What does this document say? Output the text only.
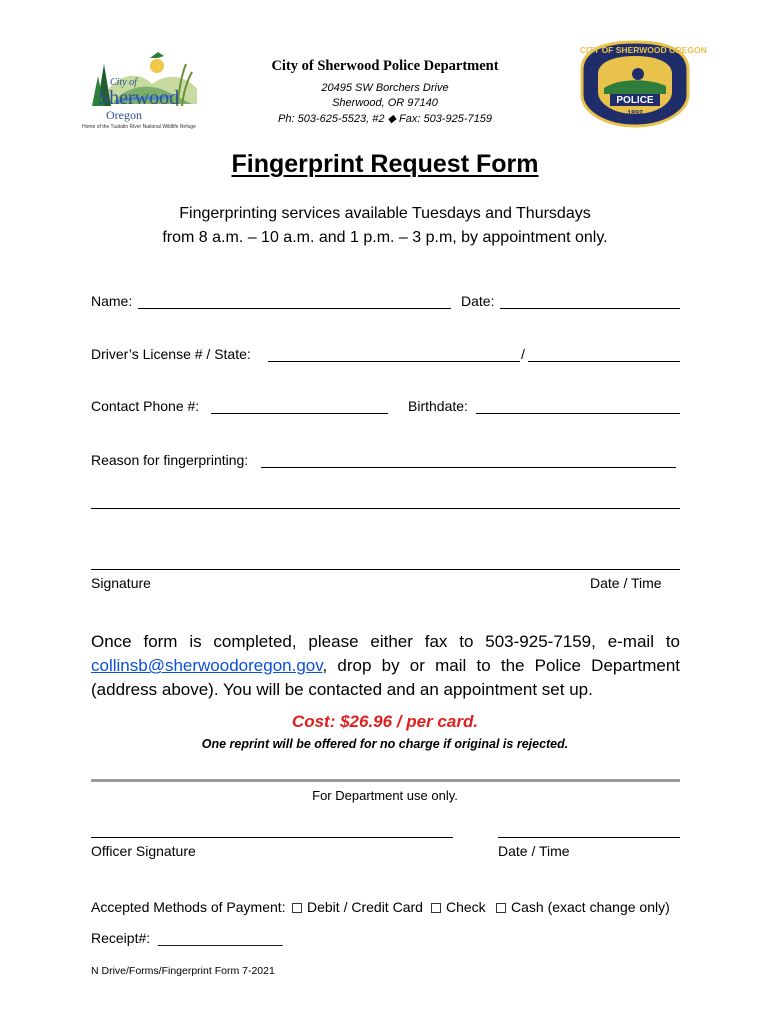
City of
Sherwood
Oregon
Home of the Tualatin River National Wildlife Refuge
City of Sherwood Police Department
20495 SW Borchers Drive
Sherwood, OR 97140
Ph: 503-625-5523, #2 ◆ Fax: 503-925-7159
CITY OF SHERWOOD OREGON
POLICE
1892
Fingerprint Request Form
Fingerprinting services available Tuesdays and Thursdays
from 8 a.m. – 10 a.m. and 1 p.m. – 3 p.m, by appointment only.
Name:	Date:
Driver’s License # / State:	/
Contact Phone #:	Birthdate:
Reason for fingerprinting:
Signature	Date / Time
Once form is completed, please either fax to 503-925-7159, e-mail to collinsb@sherwoodoregon.gov, drop by or mail to the Police Department (address above). You will be contacted and an appointment set up.
Cost: $26.96 / per card.
One reprint will be offered for no charge if original is rejected.
For Department use only.
Officer Signature	Date / Time
Accepted Methods of Payment:	Debit / Credit Card	Check	Cash (exact change only)
Receipt#: ________________
N Drive/Forms/Fingerprint Form 7-2021
